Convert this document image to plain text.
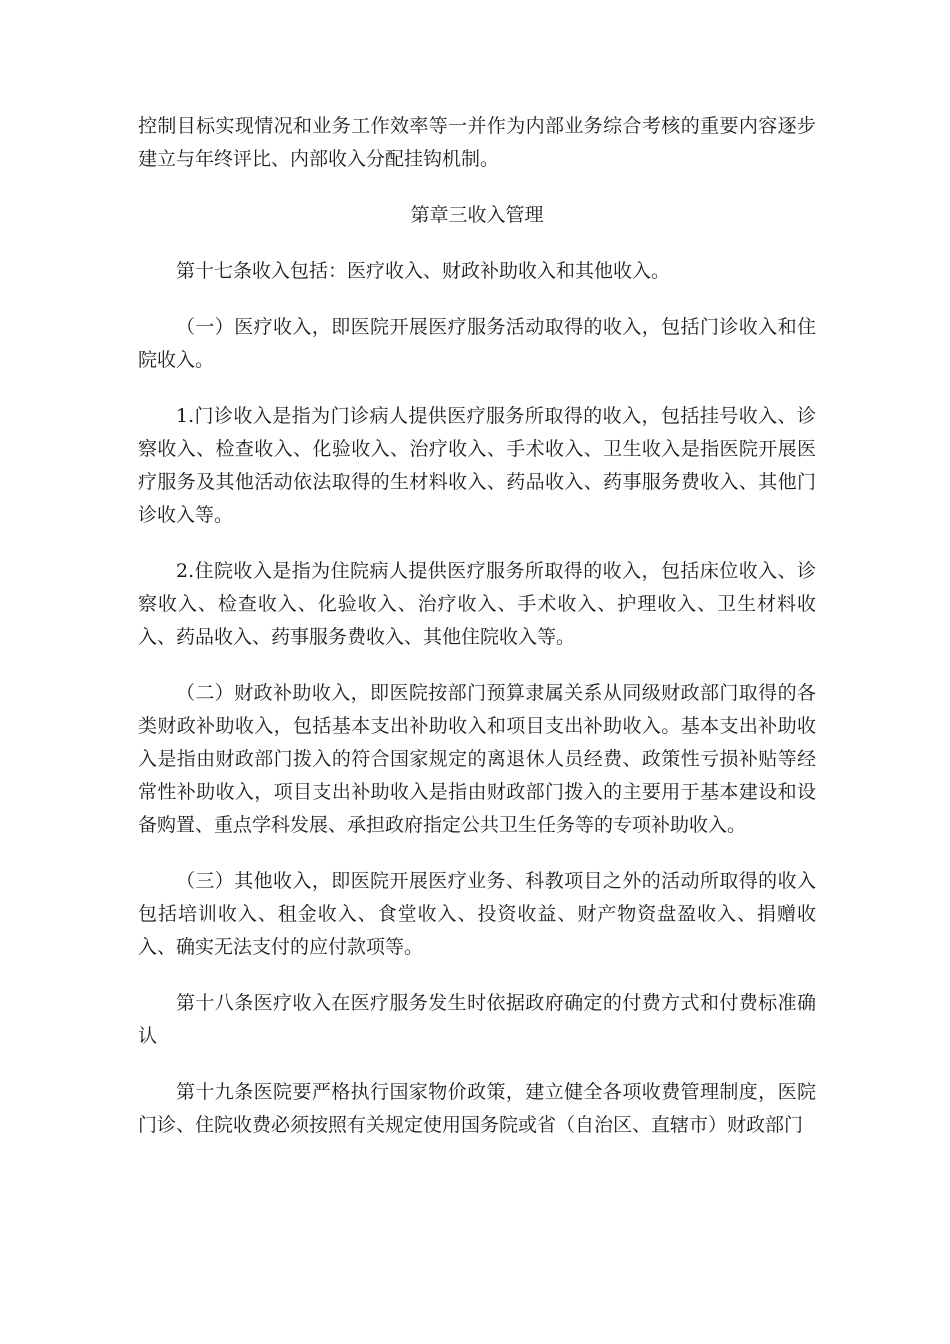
控制目标实现情况和业务工作效率等一并作为内部业务综合考核的重要内容逐步建立与年终评比、内部收入分配挂钩机制。

第章三收入管理

第十七条收入包括：医疗收入、财政补助收入和其他收入。

（一）医疗收入，即医院开展医疗服务活动取得的收入，包括门诊收入和住院收入。

1.门诊收入是指为门诊病人提供医疗服务所取得的收入，包括挂号收入、诊察收入、检查收入、化验收入、治疗收入、手术收入、卫生收入是指医院开展医疗服务及其他活动依法取得的生材料收入、药品收入、药事服务费收入、其他门诊收入等。

2.住院收入是指为住院病人提供医疗服务所取得的收入，包括床位收入、诊察收入、检查收入、化验收入、治疗收入、手术收入、护理收入、卫生材料收入、药品收入、药事服务费收入、其他住院收入等。

（二）财政补助收入，即医院按部门预算隶属关系从同级财政部门取得的各类财政补助收入，包括基本支出补助收入和项目支出补助收入。基本支出补助收入是指由财政部门拨入的符合国家规定的离退休人员经费、政策性亏损补贴等经常性补助收入，项目支出补助收入是指由财政部门拨入的主要用于基本建设和设备购置、重点学科发展、承担政府指定公共卫生任务等的专项补助收入。

（三）其他收入，即医院开展医疗业务、科教项目之外的活动所取得的收入包括培训收入、租金收入、食堂收入、投资收益、财产物资盘盈收入、捐赠收入、确实无法支付的应付款项等。

第十八条医疗收入在医疗服务发生时依据政府确定的付费方式和付费标准确认

第十九条医院要严格执行国家物价政策，建立健全各项收费管理制度，医院门诊、住院收费必须按照有关规定使用国务院或省（自治区、直辖市）财政部门
